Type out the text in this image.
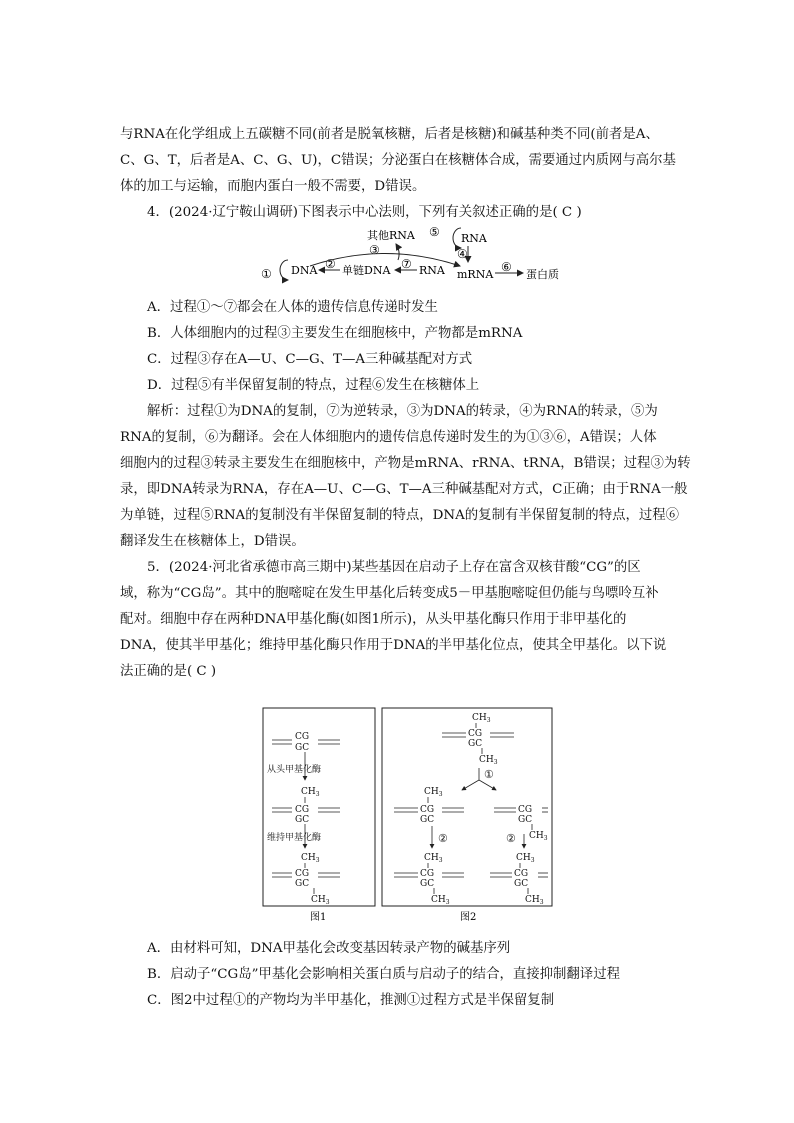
与RNA在化学组成上五碳糖不同(前者是脱氧核糖，后者是核糖)和碱基种类不同(前者是A、
C、G、T，后者是A、C、G、U)，C错误；分泌蛋白在核糖体合成，需要通过内质网与高尔基
体的加工与运输，而胞内蛋白一般不需要，D错误。
4．(2024·辽宁鞍山调研)下图表示中心法则，下列有关叙述正确的是( C )
其他RNA ⑤ RNA
④
③
① DNA ② 单链DNA ⑦ RNA mRNA
⑥
蛋白质
A．过程①～⑦都会在人体的遗传信息传递时发生
B．人体细胞内的过程③主要发生在细胞核中，产物都是mRNA
C．过程③存在A—U、C—G、T—A三种碱基配对方式
D．过程⑤有半保留复制的特点，过程⑥发生在核糖体上
解析：过程①为DNA的复制，⑦为逆转录，③为DNA的转录，④为RNA的转录，⑤为
RNA的复制，⑥为翻译。会在人体细胞内的遗传信息传递时发生的为①③⑥，A错误；人体
细胞内的过程③转录主要发生在细胞核中，产物是mRNA、rRNA、tRNA，B错误；过程③为转
录，即DNA转录为RNA，存在A—U、C—G、T—A三种碱基配对方式，C正确；由于RNA一般
为单链，过程⑤RNA的复制没有半保留复制的特点，DNA的复制有半保留复制的特点，过程⑥
翻译发生在核糖体上，D错误。
5．(2024·河北省承德市高三期中)某些基因在启动子上存在富含双核苷酸“CG”的区
域，称为“CG岛”。其中的胞嘧啶在发生甲基化后转变成5－甲基胞嘧啶但仍能与鸟嘌呤互补
配对。细胞中存在两种DNA甲基化酶(如图1所示)，从头甲基化酶只作用于非甲基化的
DNA，使其半甲基化；维持甲基化酶只作用于DNA的半甲基化位点，使其全甲基化。以下说
法正确的是( C )
CG
GC
从头甲基化酶
$CH_3$
CG
GC
维持甲基化酶
$CH_3$
CG
GC
$CH_3$
$CH_3$
CG
GC
$CH_3$
①
$CH_3$
CG
GC
CG
GC
$CH_3$
②	②
$CH_3$
CG
GC
$CH_3$
$CH_3$
CG
GC
$CH_3$
图1	图2
A．由材料可知，DNA甲基化会改变基因转录产物的碱基序列
B．启动子“CG岛”甲基化会影响相关蛋白质与启动子的结合，直接抑制翻译过程
C．图2中过程①的产物均为半甲基化，推测①过程方式是半保留复制
